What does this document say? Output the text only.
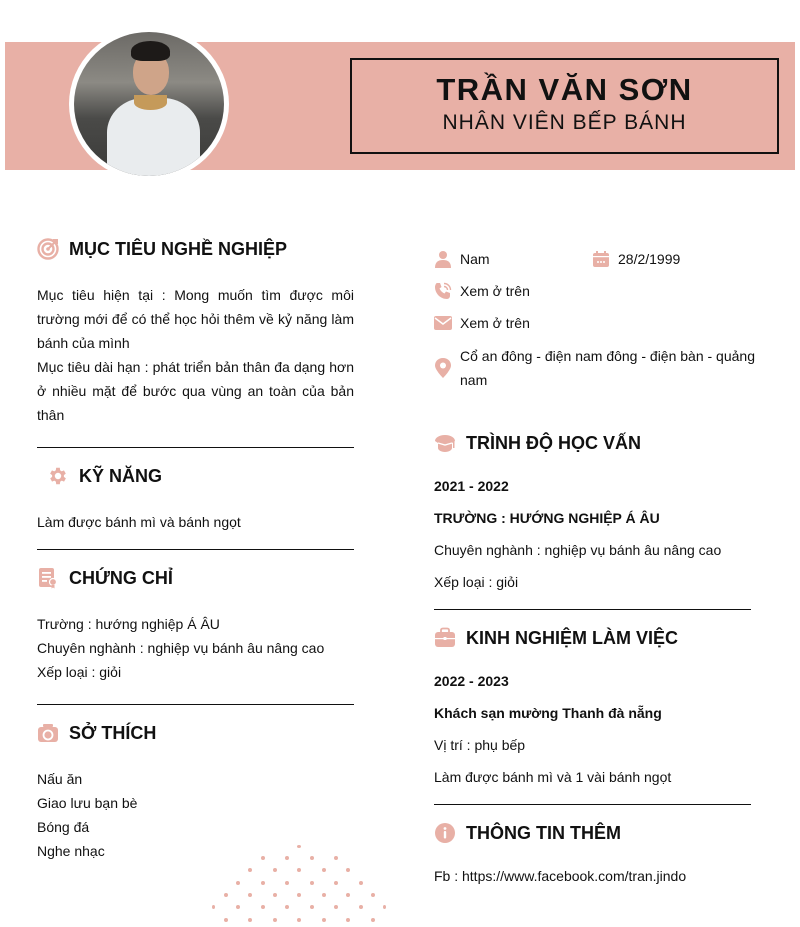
TRẦN VĂN SƠN
NHÂN VIÊN BẾP BÁNH
MỤC TIÊU NGHỀ NGHIỆP
Mục tiêu hiện tại : Mong muốn tìm được môi trường mới để có thể học hỏi thêm về kỷ năng làm bánh của mình
Mục tiêu dài hạn : phát triển bản thân đa dạng hơn ở nhiều mặt để bước qua vùng an toàn của bản thân
KỸ NĂNG
Làm được bánh mì và bánh ngọt
CHỨNG CHỈ
Trường : hướng nghiệp Á ÂU
Chuyên nghành : nghiệp vụ bánh âu nâng cao
Xếp loại : giỏi
SỞ THÍCH
Nấu ăn
Giao lưu bạn bè
Bóng đá
Nghe nhạc
Nam	28/2/1999
Xem ở trên
Xem ở trên
Cổ an đông - điện nam đông - điện bàn - quảng nam
TRÌNH ĐỘ HỌC VẤN
2021 - 2022
TRƯỜNG : HƯỚNG NGHIỆP Á ÂU
Chuyên nghành : nghiệp vụ bánh âu nâng cao
Xếp loại : giỏi
KINH NGHIỆM LÀM VIỆC
2022 - 2023
Khách sạn mường Thanh đà nẵng
Vị trí : phụ bếp
Làm được bánh mì và 1 vài bánh ngọt
THÔNG TIN THÊM
Fb : https://www.facebook.com/tran.jindo
